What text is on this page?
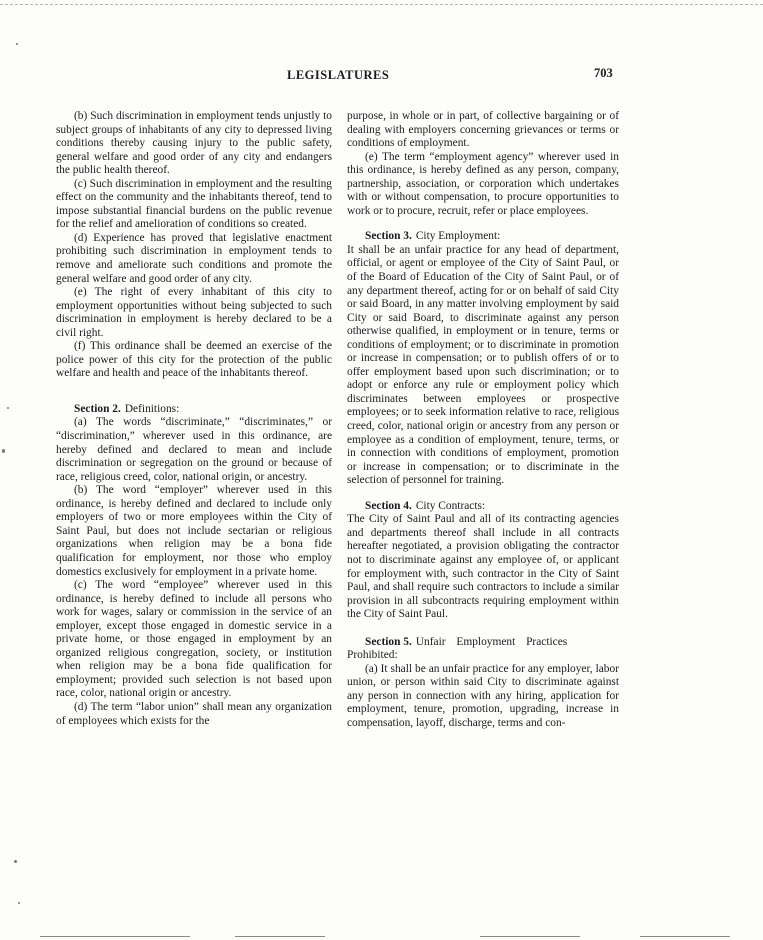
LEGISLATURES	703

(b) Such discrimination in employment tends unjustly to subject groups of inhabitants of any city to depressed living conditions thereby causing injury to the public safety, general welfare and good order of any city and endangers the public health thereof.

(c) Such discrimination in employment and the resulting effect on the community and the inhabitants thereof, tend to impose substantial financial burdens on the public revenue for the relief and amelioration of conditions so created.

(d) Experience has proved that legislative enactment prohibiting such discrimination in employment tends to remove and ameliorate such conditions and promote the general welfare and good order of any city.

(e) The right of every inhabitant of this city to employment opportunities without being subjected to such discrimination in employment is hereby declared to be a civil right.

(f) This ordinance shall be deemed an exercise of the police power of this city for the protection of the public welfare and health and peace of the inhabitants thereof.

Section 2. Definitions:

(a) The words “discriminate,” “discriminates,” or “discrimination,” wherever used in this ordinance, are hereby defined and declared to mean and include discrimination or segregation on the ground or because of race, religious creed, color, national origin, or ancestry.

(b) The word “employer” wherever used in this ordinance, is hereby defined and declared to include only employers of two or more employees within the City of Saint Paul, but does not include sectarian or religious organizations when religion may be a bona fide qualification for employment, nor those who employ domestics exclusively for employment in a private home.

(c) The word “employee” wherever used in this ordinance, is hereby defined to include all persons who work for wages, salary or commission in the service of an employer, except those engaged in domestic service in a private home, or those engaged in employment by an organized religious congregation, society, or institution when religion may be a bona fide qualification for employment; provided such selection is not based upon race, color, national origin or ancestry.

(d) The term “labor union” shall mean any organization of employees which exists for the

purpose, in whole or in part, of collective bargaining or of dealing with employers concerning grievances or terms or conditions of employment.

(e) The term “employment agency” wherever used in this ordinance, is hereby defined as any person, company, partnership, association, or corporation which undertakes with or without compensation, to procure opportunities to work or to procure, recruit, refer or place employees.

Section 3. City Employment:

It shall be an unfair practice for any head of department, official, or agent or employee of the City of Saint Paul, or of the Board of Education of the City of Saint Paul, or of any department thereof, acting for or on behalf of said City or said Board, in any matter involving employment by said City or said Board, to discriminate against any person otherwise qualified, in employment or in tenure, terms or conditions of employment; or to discriminate in promotion or increase in compensation; or to publish offers of or to offer employment based upon such discrimination; or to adopt or enforce any rule or employment policy which discriminates between employees or prospective employees; or to seek information relative to race, religious creed, color, national origin or ancestry from any person or employee as a condition of employment, tenure, terms, or in connection with conditions of employment, promotion or increase in compensation; or to discriminate in the selection of personnel for training.

Section 4. City Contracts:

The City of Saint Paul and all of its contracting agencies and departments thereof shall include in all contracts hereafter negotiated, a provision obligating the contractor not to discriminate against any employee of, or applicant for employment with, such contractor in the City of Saint Paul, and shall require such contractors to include a similar provision in all subcontracts requiring employment within the City of Saint Paul.

Section 5. Unfair Employment Practices Prohibited:

(a) It shall be an unfair practice for any employer, labor union, or person within said City to discriminate against any person in connection with any hiring, application for employment, tenure, promotion, upgrading, increase in compensation, layoff, discharge, terms and con-
